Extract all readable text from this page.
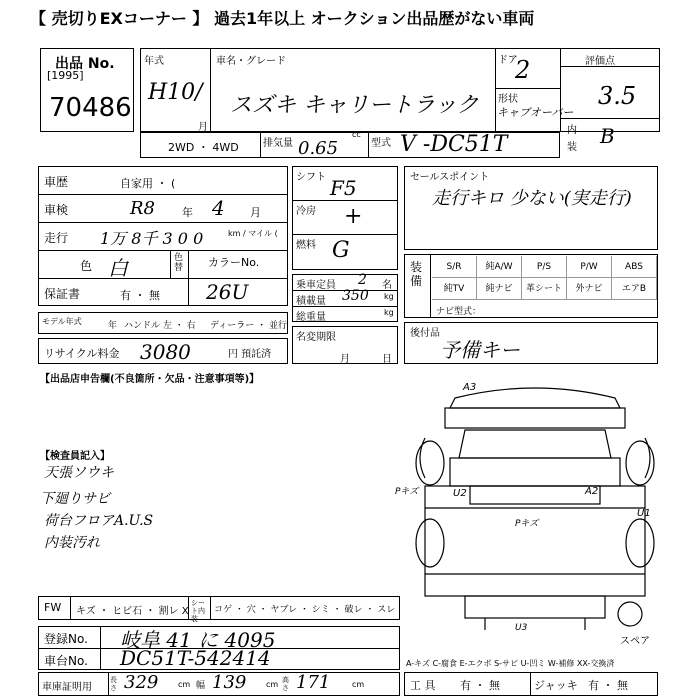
【 売切りEXコーナー 】 過去1年以上 オークション出品歴がない車両
出品 No.
[1995]
70486
年式
H10/
月
車名・グレード
スズキ キャリートラック
ドア
2
形状
キャブオーバー
評価点
3.5
内 B
2WD ・ 4WD 排気量
cc
0.65	型式 V -DC51T	装
車歴	自家用 ・ (
車検	R8 年 4 月
走行 1万 8千 3 0 0	km / マイル (
色 白	色替 カラーNo.
保証書	有 ・ 無 26U
モデル年式	年 ハンドル 左 ・ 右 ディーラー ・ 並行
リサイクル料金 3080	円 預託済
シフト F5
冷房 +
燃料 G
乗車定員 2 名
積載量 350 kg
総重量	kg
名変期限
月	日
セールスポイント
走行キロ 少ない(実走行)
装備
S/R	純A/W	P/S	P/W	ABS
純TV	純ナビ	革シート	外ナビ	エアB
ナビ型式：
後付品
予備キー
【出品店申告欄(不良箇所・欠品・注意事項等)】
【検査員記入】
天張ソウキ
下廻りサビ
荷台フロアA.U.S
内装汚れ
A3
U2	A2
U1
Pキズ
Pキズ
U3
スペア
FW キズ ・ ヒビ石 ・ 割レ X
シート内装
コゲ ・ 穴 ・ ヤブレ ・ シミ ・ 破レ ・ スレ
登録No. 岐阜 41 に 4095
車台No. DC51T-542414
車庫証明用
長さ 329 cm 幅 139 cm 高さ 171	cm
A-キズ C-腐食 E-エクボ S-サビ U-凹ミ W-補修 XX-交換済
工 具 有 ・ 無	ジャッキ 有 ・ 無
